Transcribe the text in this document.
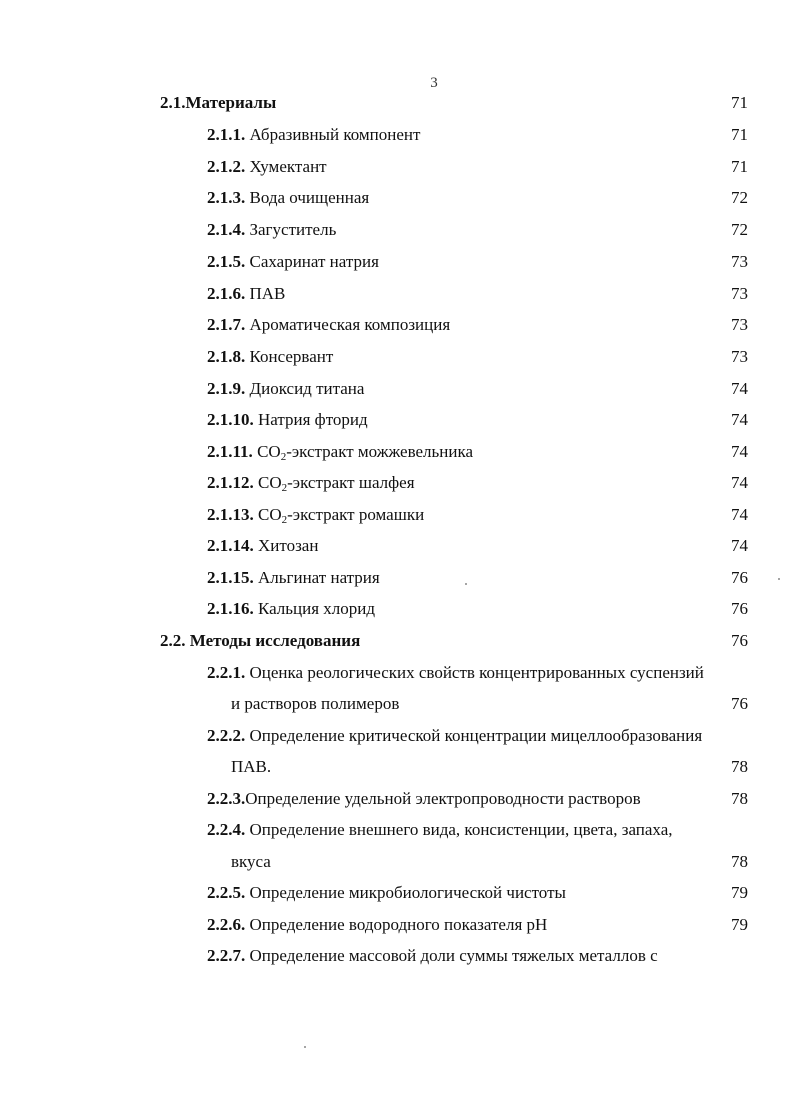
3
2.1.Материалы	71
2.1.1. Абразивный компонент	71
2.1.2. Хумектант	71
2.1.3. Вода очищенная	72
2.1.4. Загуститель	72
2.1.5. Сахаринат натрия	73
2.1.6. ПАВ	73
2.1.7. Ароматическая композиция	73
2.1.8. Консервант	73
2.1.9. Диоксид титана	74
2.1.10. Натрия фторид	74
2.1.11. $CO_2$-экстракт можжевельника	74
2.1.12. $CO_2$-экстракт шалфея	74
2.1.13. $CO_2$-экстракт ромашки	74
2.1.14. Хитозан	74
2.1.15. Альгинат натрия	76
2.1.16. Кальция хлорид	76
2.2. Методы исследования	76
2.2.1. Оценка реологических свойств концентрированных суспензий
и растворов полимеров	76
2.2.2. Определение критической концентрации мицеллообразования
ПАВ.	78
2.2.3.Определение удельной электропроводности растворов	78
2.2.4. Определение внешнего вида, консистенции, цвета, запаха,
вкуса	78
2.2.5. Определение микробиологической чистоты	79
2.2.6. Определение водородного показателя pH	79
2.2.7. Определение массовой доли суммы тяжелых металлов с
